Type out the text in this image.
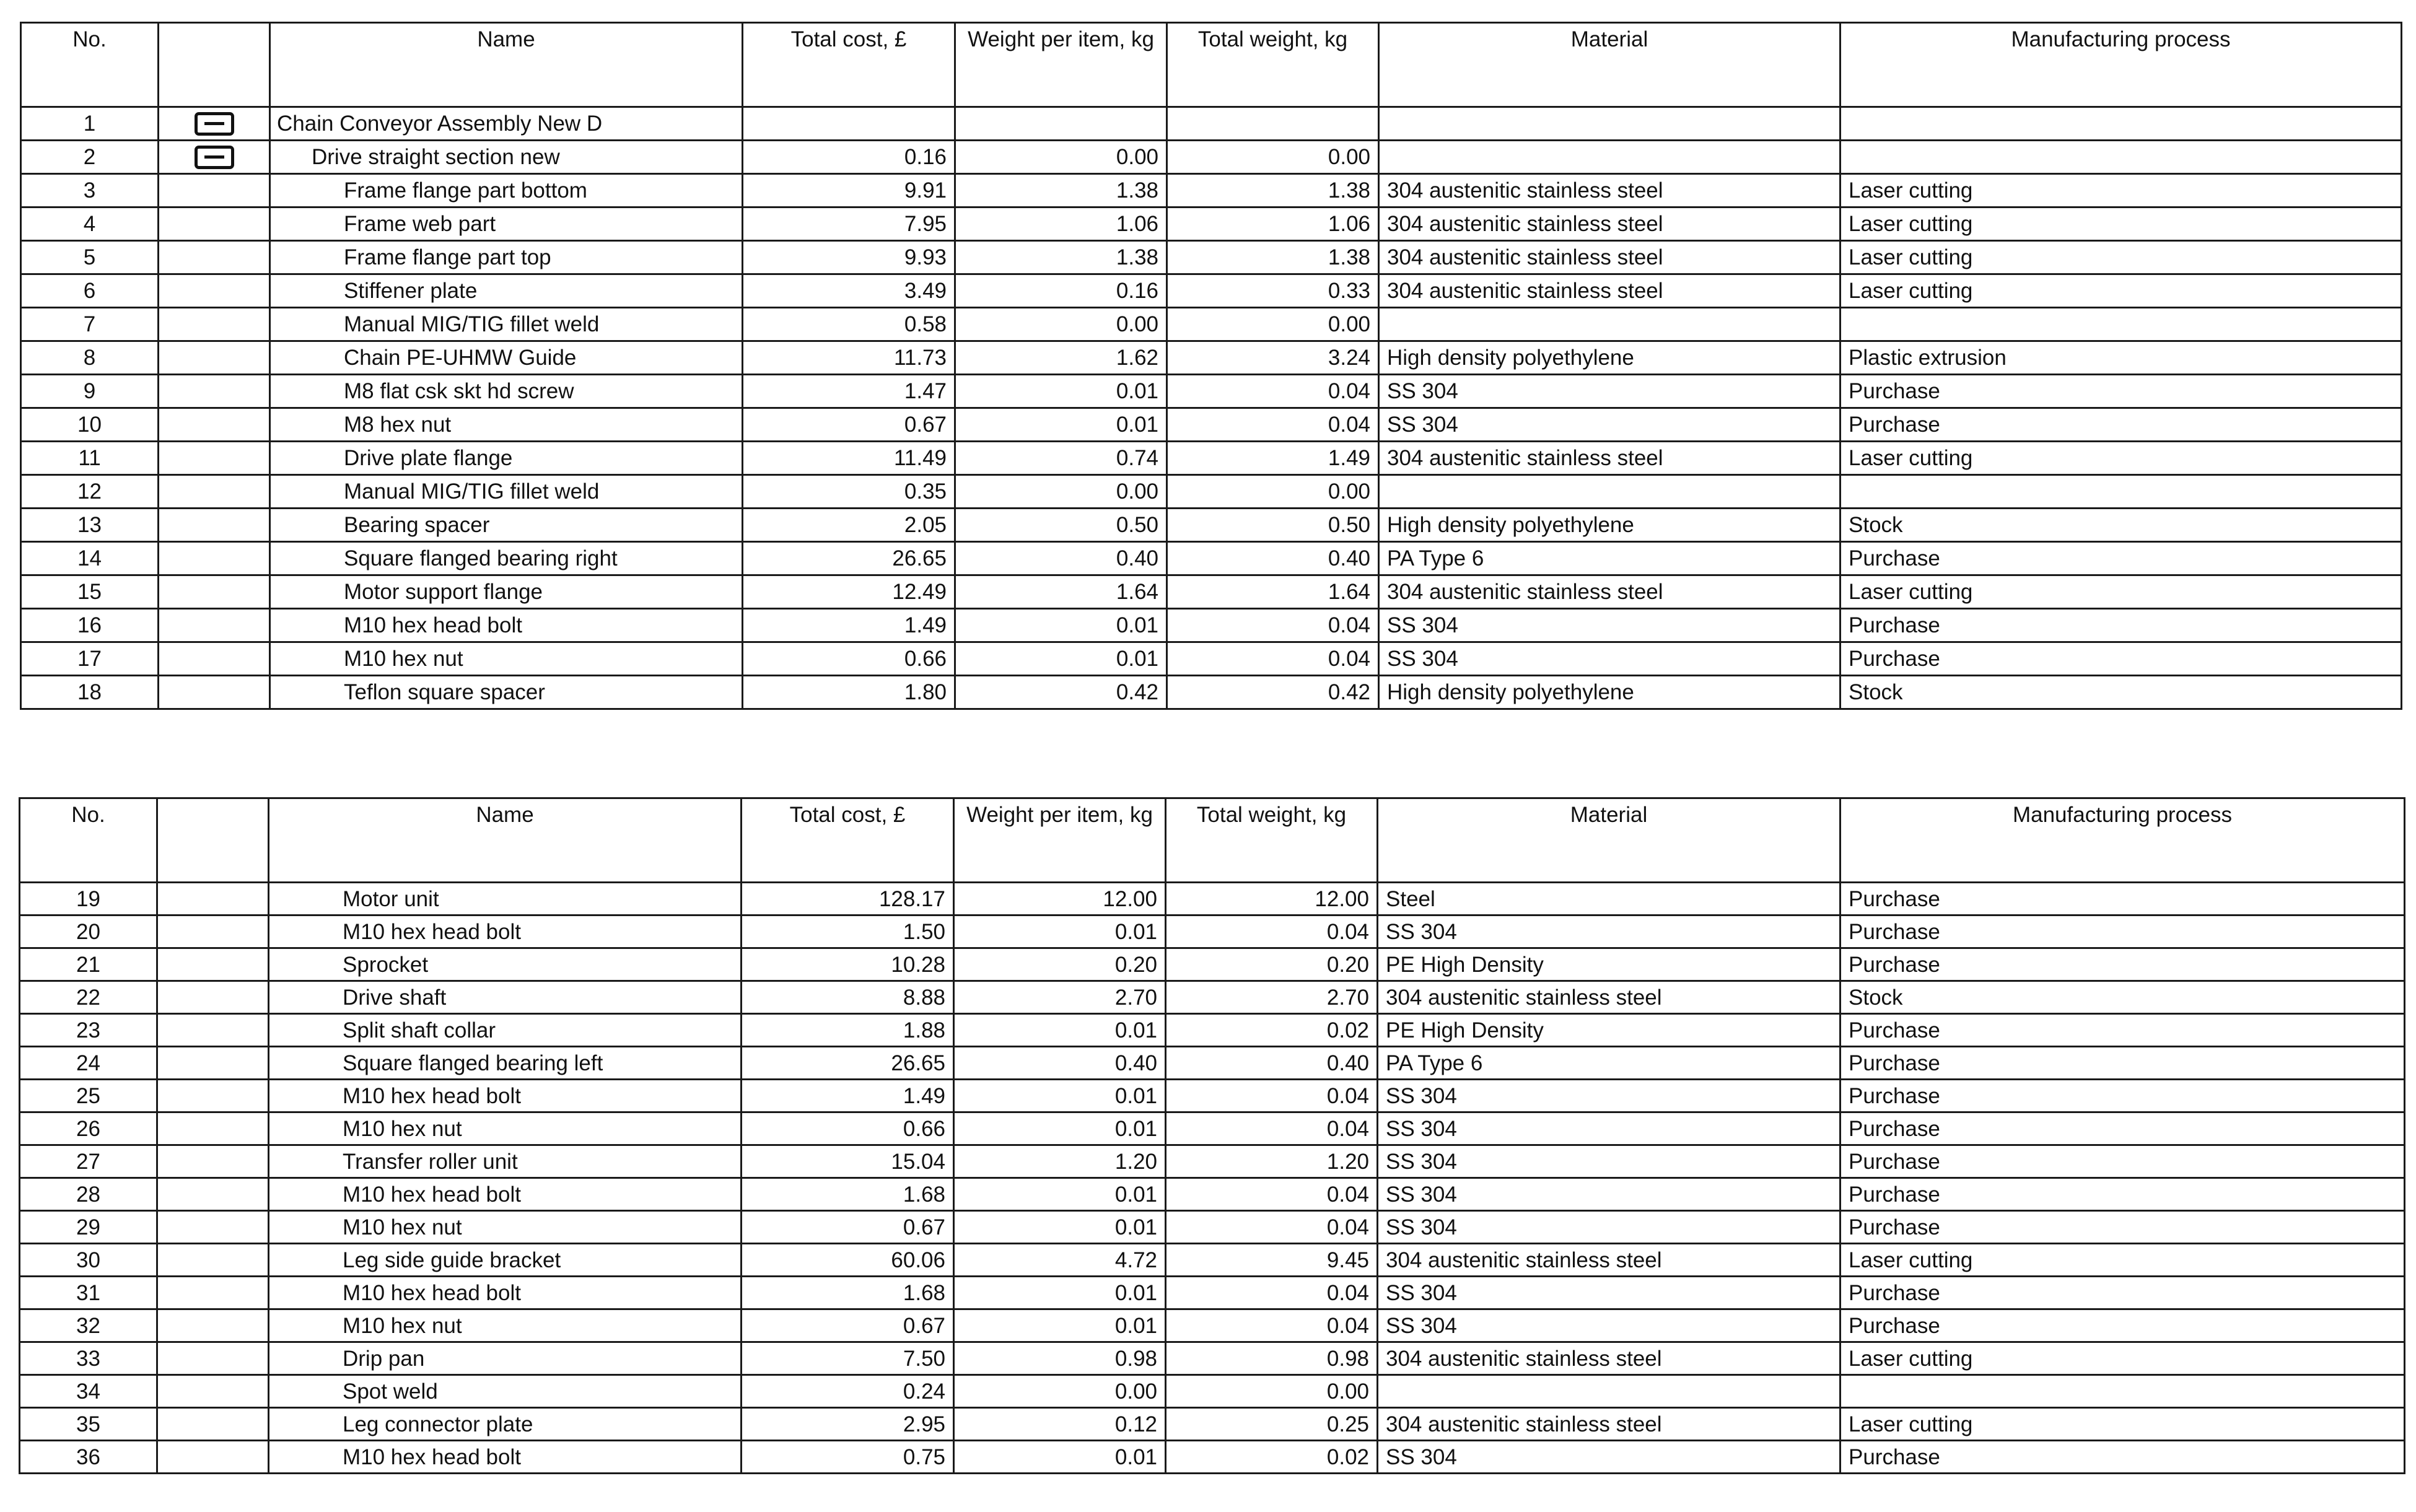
No.		Name	Total cost, £	Weight per item, kg	Total weight, kg	Material	Manufacturing process
1		Chain Conveyor Assembly New D					
2		Drive straight section new	0.16	0.00	0.00		
3		Frame flange part bottom	9.91	1.38	1.38	304 austenitic stainless steel	Laser cutting
4		Frame web part	7.95	1.06	1.06	304 austenitic stainless steel	Laser cutting
5		Frame flange part top	9.93	1.38	1.38	304 austenitic stainless steel	Laser cutting
6		Stiffener plate	3.49	0.16	0.33	304 austenitic stainless steel	Laser cutting
7		Manual MIG/TIG fillet weld	0.58	0.00	0.00		
8		Chain PE-UHMW Guide	11.73	1.62	3.24	High density polyethylene	Plastic extrusion
9		M8 flat csk skt hd screw	1.47	0.01	0.04	SS 304	Purchase
10		M8 hex nut	0.67	0.01	0.04	SS 304	Purchase
11		Drive plate flange	11.49	0.74	1.49	304 austenitic stainless steel	Laser cutting
12		Manual MIG/TIG fillet weld	0.35	0.00	0.00		
13		Bearing spacer	2.05	0.50	0.50	High density polyethylene	Stock
14		Square flanged bearing right	26.65	0.40	0.40	PA Type 6	Purchase
15		Motor support flange	12.49	1.64	1.64	304 austenitic stainless steel	Laser cutting
16		M10 hex head bolt	1.49	0.01	0.04	SS 304	Purchase
17		M10 hex nut	0.66	0.01	0.04	SS 304	Purchase
18		Teflon square spacer	1.80	0.42	0.42	High density polyethylene	Stock
No.		Name	Total cost, £	Weight per item, kg	Total weight, kg	Material	Manufacturing process
19		Motor unit	128.17	12.00	12.00	Steel	Purchase
20		M10 hex head bolt	1.50	0.01	0.04	SS 304	Purchase
21		Sprocket	10.28	0.20	0.20	PE High Density	Purchase
22		Drive shaft	8.88	2.70	2.70	304 austenitic stainless steel	Stock
23		Split shaft collar	1.88	0.01	0.02	PE High Density	Purchase
24		Square flanged bearing left	26.65	0.40	0.40	PA Type 6	Purchase
25		M10 hex head bolt	1.49	0.01	0.04	SS 304	Purchase
26		M10 hex nut	0.66	0.01	0.04	SS 304	Purchase
27		Transfer roller unit	15.04	1.20	1.20	SS 304	Purchase
28		M10 hex head bolt	1.68	0.01	0.04	SS 304	Purchase
29		M10 hex nut	0.67	0.01	0.04	SS 304	Purchase
30		Leg side guide bracket	60.06	4.72	9.45	304 austenitic stainless steel	Laser cutting
31		M10 hex head bolt	1.68	0.01	0.04	SS 304	Purchase
32		M10 hex nut	0.67	0.01	0.04	SS 304	Purchase
33		Drip pan	7.50	0.98	0.98	304 austenitic stainless steel	Laser cutting
34		Spot weld	0.24	0.00	0.00		
35		Leg connector plate	2.95	0.12	0.25	304 austenitic stainless steel	Laser cutting
36		M10 hex head bolt	0.75	0.01	0.02	SS 304	Purchase
